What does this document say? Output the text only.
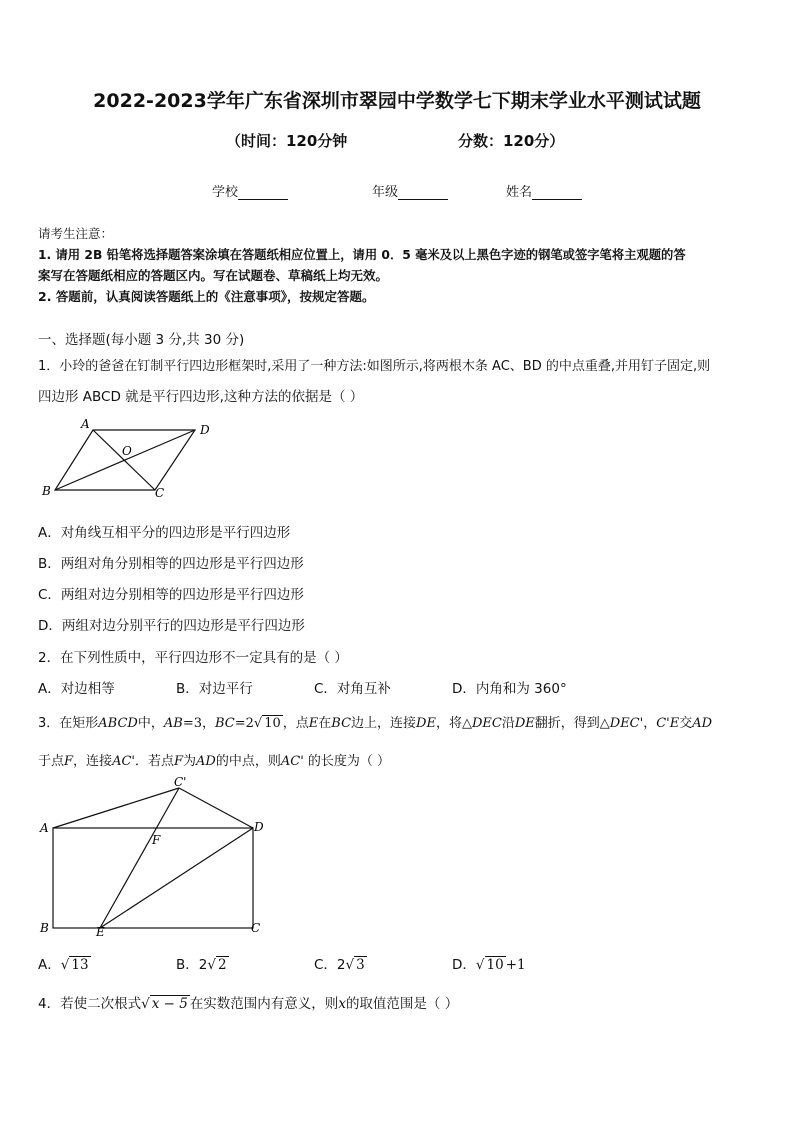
2022-2023学年广东省深圳市翠园中学数学七下期末学业水平测试试题
（时间：120分钟	分数：120分）
学校	年级	姓名
请考生注意：
1. 请用 2B 铅笔将选择题答案涂填在答题纸相应位置上，请用 0．5 毫米及以上黑色字迹的钢笔或签字笔将主观题的答
案写在答题纸相应的答题区内。写在试题卷、草稿纸上均无效。
2. 答题前，认真阅读答题纸上的《注意事项》，按规定答题。
一、选择题(每小题 3 分,共 30 分)
1．小玲的爸爸在钉制平行四边形框架时,采用了一种方法:如图所示,将两根木条 AC、BD 的中点重叠,并用钉子固定,则
四边形 ABCD 就是平行四边形,这种方法的依据是（ ）
A	D
O
B	C
A．对角线互相平分的四边形是平行四边形
B．两组对角分别相等的四边形是平行四边形
C．两组对边分别相等的四边形是平行四边形
D．两组对边分别平行的四边形是平行四边形
2．在下列性质中，平行四边形不一定具有的是（ ）
A．对边相等	B．对边平行	C．对角互补	D．内角和为 360°
3．在矩形ABCD中，AB=3，BC=2√ 10 ，点E在BC边上，连接DE，将△DEC沿DE翻折，得到△DEC'，C'E交AD
于点F，连接AC'．若点F为AD的中点，则AC' 的长度为（ ）
C'
A
F
D
B	E	C
A．√ 13	B．2√ 2	C．2√ 3	D．√ 10 +1
4．若使二次根式√ x − 5 在实数范围内有意义，则x的取值范围是（ ）
